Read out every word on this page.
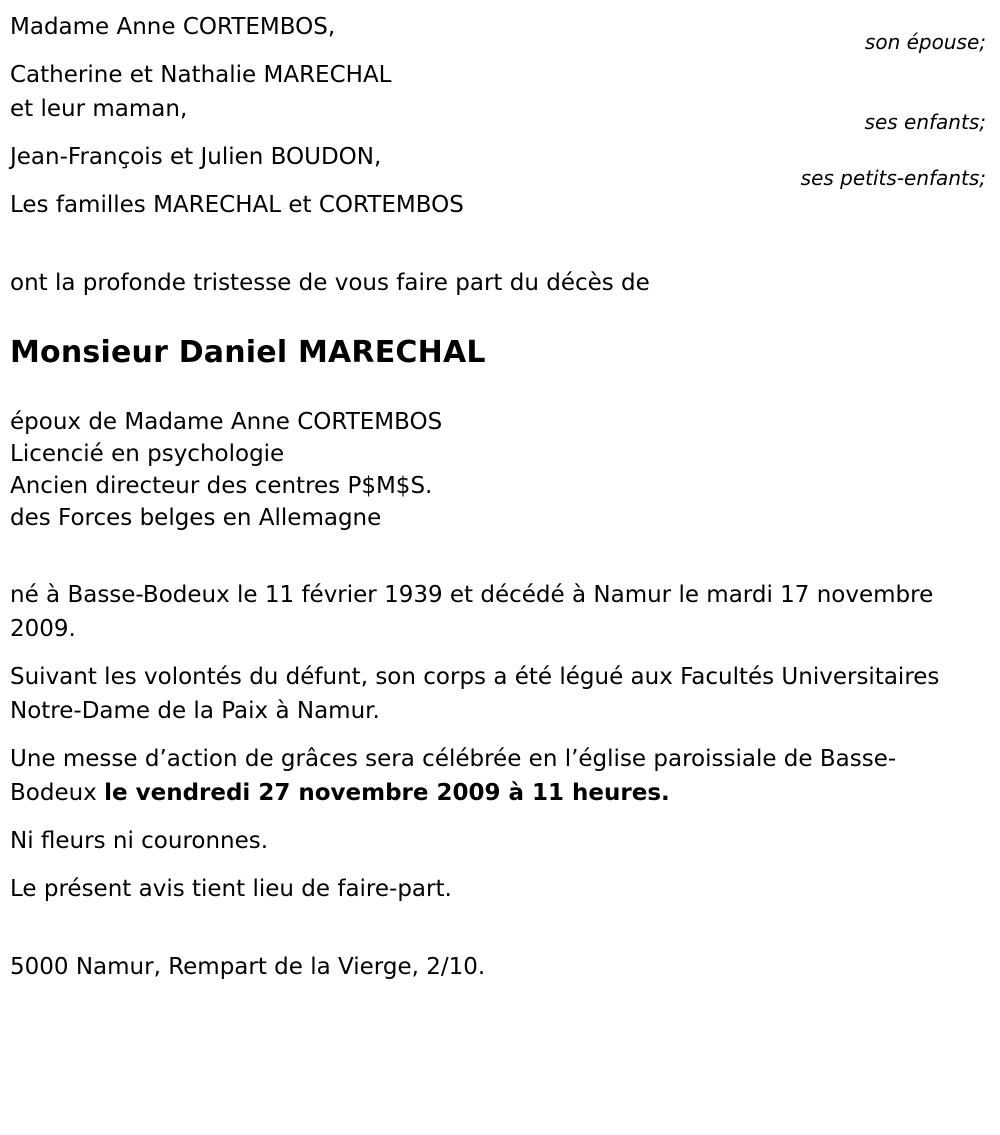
Madame Anne CORTEMBOS,
son épouse;
Catherine et Nathalie MARECHAL
et leur maman,	ses enfants;
Jean-François et Julien BOUDON,
ses petits-enfants;
Les familles MARECHAL et CORTEMBOS
ont la profonde tristesse de vous faire part du décès de
Monsieur Daniel MARECHAL
époux de Madame Anne CORTEMBOS
Licencié en psychologie
Ancien directeur des centres P$M$S.
des Forces belges en Allemagne
né à Basse-Bodeux le 11 février 1939 et décédé à Namur le mardi 17 novembre 2009.
Suivant les volontés du défunt, son corps a été légué aux Facultés Universitaires Notre-Dame de la Paix à Namur.
Une messe d’action de grâces sera célébrée en l’église paroissiale de Basse-Bodeux le vendredi 27 novembre 2009 à 11 heures.
Ni fleurs ni couronnes.
Le présent avis tient lieu de faire-part.
5000 Namur, Rempart de la Vierge, 2/10.
